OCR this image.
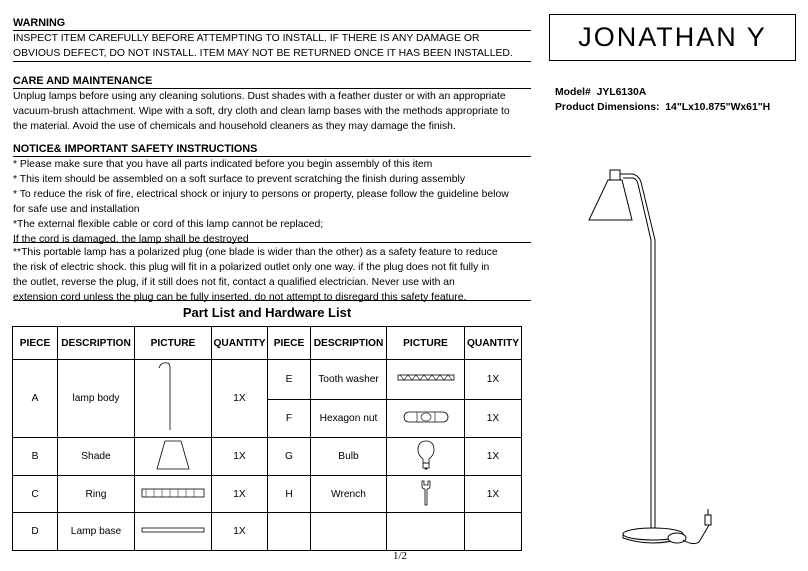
WARNING
INSPECT ITEM CAREFULLY BEFORE ATTEMPTING TO INSTALL. IF THERE IS ANY DAMAGE OR
OBVIOUS DEFECT, DO NOT INSTALL. ITEM MAY NOT BE RETURNED ONCE IT HAS BEEN INSTALLED.
CARE AND MAINTENANCE
Unplug lamps before using any cleaning solutions. Dust shades with a feather duster or with an appropriate
vacuum-brush attachment. Wipe with a soft, dry cloth and clean lamp bases with the methods appropriate to
the material. Avoid the use of chemicals and household cleaners as they may damage the finish.
NOTICE& IMPORTANT SAFETY INSTRUCTIONS
* Please make sure that you have all parts indicated before you begin assembly of this item
* This item should be assembled on a soft surface to prevent scratching the finish during assembly
* To reduce the risk of fire, electrical shock or injury to persons or property, please follow the guideline below
for safe use and installation
*The external flexible cable or cord of this lamp cannot be replaced;
If the cord is damaged, the lamp shall be destroyed
**This portable lamp has a polarized plug (one blade is wider than the other) as a safety feature to reduce
the risk of electric shock. this plug will fit in a polarized outlet only one way. if the plug does not fit fully in
the outlet, reverse the plug, if it still does not fit, contact a qualified electrician. Never use with an
extension cord unless the plug can be fully inserted. do not attempt to disregard this safety feature.
JONATHAN Y
Model# JYL6130A
Product Dimensions: 14"Lx10.875"Wx61"H
Part List and Hardware List
PIECE	DESCRIPTION	PICTURE	QUANTITY	PIECE	DESCRIPTION	PICTURE	QUANTITY
A	lamp body		1X	E	Tooth washer		1X
				F	Hexagon nut		1X
B	Shade		1X	G	Bulb		1X
C	Ring		1X	H	Wrench		1X
D	Lamp base		1X				
1/2
